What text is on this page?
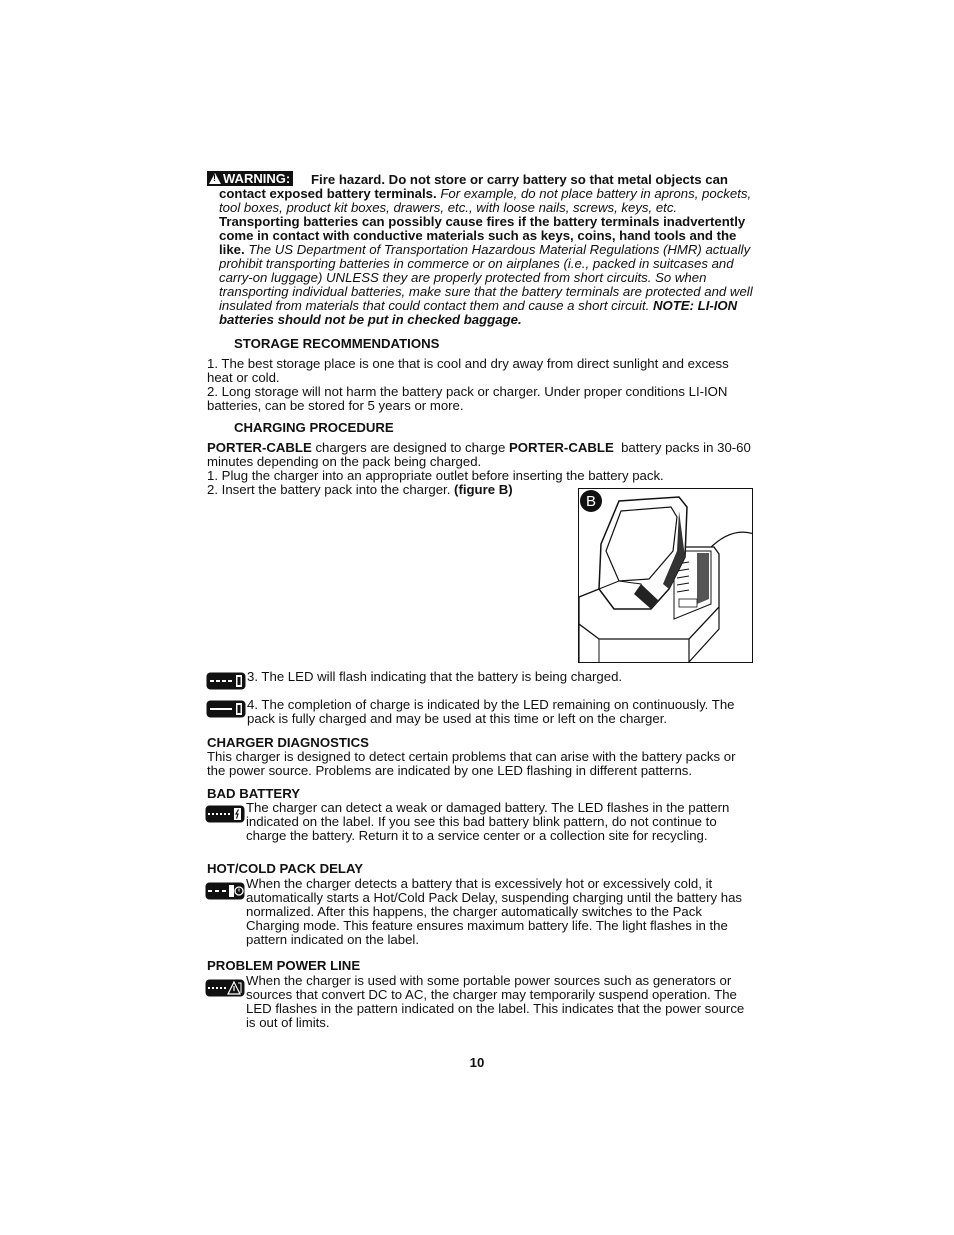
!WARNING:	Fire hazard. Do not store or carry battery so that metal objects can contact exposed battery terminals. For example, do not place battery in aprons, pockets, tool boxes, product kit boxes, drawers, etc., with loose nails, screws, keys, etc. Transporting batteries can possibly cause fires if the battery terminals inadvertently come in contact with conductive materials such as keys, coins, hand tools and the like. The US Department of Transportation Hazardous Material Regulations (HMR) actually prohibit transporting batteries in commerce or on airplanes (i.e., packed in suitcases and carry-on luggage) UNLESS they are properly protected from short circuits. So when transporting individual batteries, make sure that the battery terminals are protected and well insulated from materials that could contact them and cause a short circuit. NOTE: LI-ION batteries should not be put in checked baggage.
STORAGE RECOMMENDATIONS
1. The best storage place is one that is cool and dry away from direct sunlight and excess heat or cold.
2. Long storage will not harm the battery pack or charger. Under proper conditions LI-ION batteries, can be stored for 5 years or more.
CHARGING PROCEDURE
PORTER-CABLE chargers are designed to charge PORTER-CABLE  battery packs in 30-60 minutes depending on the pack being charged.
1. Plug the charger into an appropriate outlet before inserting the battery pack.
2. Insert the battery pack into the charger. (figure B)
B
3. The LED will flash indicating that the battery is being charged.
4. The completion of charge is indicated by the LED remaining on continuously. The pack is fully charged and may be used at this time or left on the charger.
CHARGER DIAGNOSTICS
This charger is designed to detect certain problems that can arise with the battery packs or the power source. Problems are indicated by one LED flashing in different patterns.
BAD BATTERY
The charger can detect a weak or damaged battery. The LED flashes in the pattern indicated on the label. If you see this bad battery blink pattern, do not continue to charge the battery. Return it to a service center or a collection site for recycling.
HOT/COLD PACK DELAY
When the charger detects a battery that is excessively hot or excessively cold, it automatically starts a Hot/Cold Pack Delay, suspending charging until the battery has normalized. After this happens, the charger automatically switches to the Pack Charging mode. This feature ensures maximum battery life. The light flashes in the pattern indicated on the label.
PROBLEM POWER LINE
When the charger is used with some portable power sources such as generators or sources that convert DC to AC, the charger may temporarily suspend operation. The LED flashes in the pattern indicated on the label. This indicates that the power source is out of limits.
10
